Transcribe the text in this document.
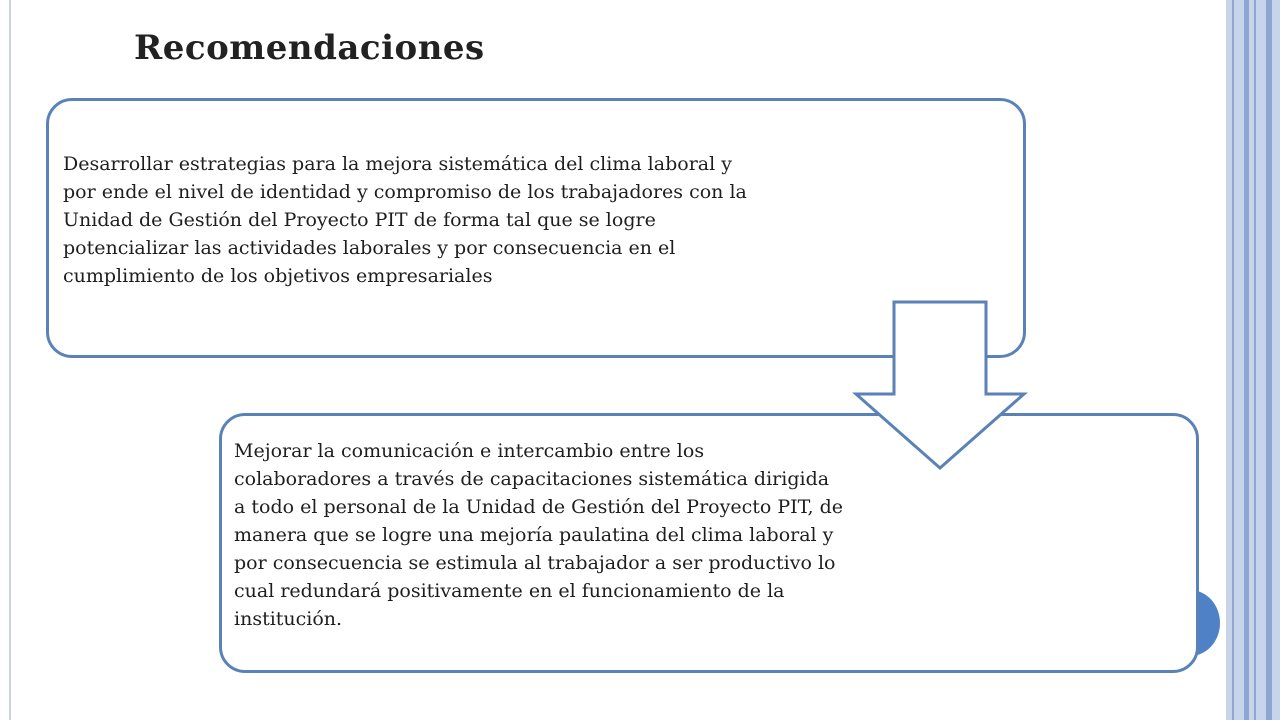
Recomendaciones

Desarrollar estrategias para la mejora sistemática del clima laboral y por ende el nivel de identidad y compromiso de los trabajadores con la Unidad de Gestión del Proyecto PIT de forma tal que se logre potencializar las actividades laborales y por consecuencia en el cumplimiento de los objetivos empresariales

Mejorar la comunicación e intercambio entre los colaboradores a través de capacitaciones sistemática dirigida a todo el personal de la Unidad de Gestión del Proyecto PIT, de manera que se logre una mejoría paulatina del clima laboral y por consecuencia se estimula al trabajador a ser productivo lo cual redundará positivamente en el funcionamiento de la institución.
